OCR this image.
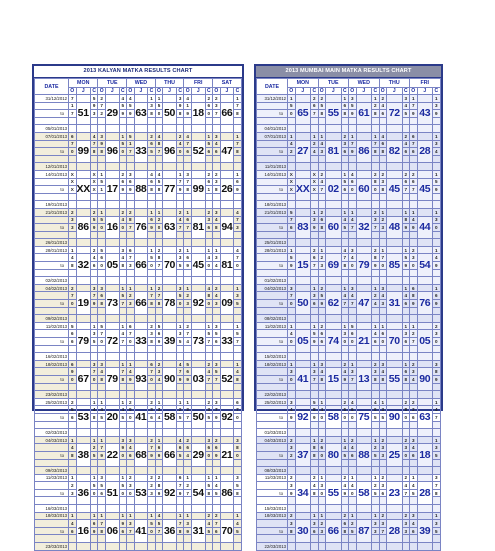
2013 KALYAN MATKA RESULTS CHART
DATE	MON			TUE			WED			THU			FRI			SAT		
	O	J	C	O	J	C	O	J	C	O	J	C	O	J	C	O	J	C
31/12/2012	7		5	2		4	4		1	1		3	4		2	2		1
	1	51	9	7	29	5	5	63	3	5	50	9	1	18	6	3	66	7
to	7		3	2		9	9		8	0		8	9		0	7		8

05/01/2013																		
07/01/2013	6		4	3		1	5		2	4		2	4		1	3		1
	7	99	7	9	96	5	1	33	6	8	96	4	7	52	5	4	47	7
to	0		8	8		0	7		5	7		0	6		6	6		8

12/01/2013																		
14/01/2013	X		X	1		2	3		4	4		1	3		2	2		1
	X	XX	X	5	17	6	6	88	6	5	77	7	7	99	6	3	26	6
to	X		X	1		9	9		8	8		9	8		1	8		9

19/01/2013																		
21/01/2013	2		2	1		2	2		1	1		2	1		2	3		4
	3	86	5	5	16	4	8	76	6	2	63	4	6	81	3	4	94	7
to	3		9	0		0	7		9	0		7	7		6	8		3

26/01/2013																		
28/01/2013	1		2	5		3	6		1	2		2	1		1	1		4
	4	32	4	6	05	4	7	66	5	8	70	3	6	45	4	3	81	7
to	8		6	0		8	3		0	7		5	9		0	4		0

02/02/2013																		
04/02/2013	2		3	3		1	1		1	2		3	1		4	2		1
	7	19	7	6	73	5	2	66	7	7	78	5	2	92	8	4	09	3
to	0		9	8		7	3		8	8		0	3		0	3		5

09/02/2013																		
11/02/2013	5		1	5		1	6		2	5		1	2		1	3		1
	6	79	3	7	72	4	7	33	3	6	39	3	7	73	5	5	33	5
to	6		5	0		7	0		8	9		5	4		7	6		7

16/02/2013																		
18/02/2013	6		3	3		1	1		6	2		4	5		2	3		1
	9	67	7	4	79	7	4	93	7	3	90	7	6	03	4	5	52	4
to	0		0	8		8	9		0	4		9	9		7	7		8

23/02/2013																		
25/02/2013	2		1	1		1	2		2	1		1	1		2	3		6
	5	53	4	4	20	4	9	41	3	3	58	2	2	50	3	7	92	7
to	6		8	5		5	0		6	4		5	7		5	9		0

02/03/2013																		
04/03/2013	1		1	1		3	3		2	1		4	2		3	2		3
	4	38	2	7	22	9	4	68	7	6	66	6	6	29	6	6	21	8
to	8		5	9		0	6		9	9		5	4		0	9		0

09/03/2013																		
11/03/2013	1		1	3		1	2		2	2		6	1		1	1		3
	2	36	5	5	51	5	3	53	2	8	92	7	2	54	5	4	86	5
to	3		0	6		0	0		3	9		9	7		8	5		8

16/03/2013																		
18/03/2013	1		1	1		1	1		1	4		1	1		2	2		1
	4	16	6	7	06	9	3	41	5	5	36	7	3	31	4	7	70	4
to	6		9	8		6	7		0	7		8	9		5	6		5

23/03/2013																		
2013 MUMBAI MAIN MATKA RESULTS CHART
DATE	MON			TUE			WED			THU			FRI		
	O	J	C	O	J	C	O	J	C	O	J	C	O	J	C
31/12/2012	1		2	2		1	3		1	2		3	1		1
	5	65	6	5	55	6	5	61	2	4	72	4	7	43	3
to	0		7	8		8	9		8	6		5	9		9

04/01/2013															
07/01/2013	1		1	1		2	1		1	4		2	6		1
	4	27	2	4	81	3	7	86	7	6	82	4	7	28	3
to	2		4	3		6	9		8	8		6	6		4

11/01/2013															
14/01/2013	X		X	2		1	4		2	2		2	2		1
	X	XX	X	4	02	5	6	60	8	3	45	6	6	45	5
to	X		X	7		6	0		0	8		7	7		9

18/01/2013															
21/01/2013	5		1	2		1	1		2	1		1	1		1
	7	83	3	6	60	4	4	32	3	2	48	8	4	44	3
to	6		9	8		5	7		7	3		9	9		0

25/01/2013															
28/01/2013	1		2	1		4	3		2	1		1	2		1
	5	15	6	2	69	7	4	79	8	7	85	5	3	54	4
to	9		7	3		8	0		9	0		9	0		9

01/02/2013															
04/02/2013	3		1	2		1	3		1	3		1	6		1
	7	50	3	5	62	4	4	47	2	4	31	4	8	76	6
to	0		6	9		7	7		4	3		6	9		9

08/02/2013															
11/02/2013	1		1	2		1	5		1	1		1	1		2
	4	05	5	6	74	3	6	21	4	6	70	3	2	05	3
to	0		9	6		0	0		6	0		6	7		0

15/02/2013															
18/02/2013	1		1	3		2	1		2	3		1	2		3
	3	41	3	4	15	4	3	13	3	4	55	6	3	90	8
to	0		7	8		9	7		8	8		8	4		9

22/02/2013															
25/02/2013	3		5	1		2	4		4	1		2	2		1
	4	92	8	4	58	6	6	75	6	3	90	8	3	63	4
to	9		9	0		0	0		5	5		0	6		7

01/03/2013															
04/03/2013	2		1	2		1	2		1	2		2	3		1
	3	37	8	6	80	4	4	88	2	3	25	3	4	18	3
to	2		8	0		5	6		5	3		0	6		5

08/03/2013															
11/03/2013	2		2	1		2	1		1	2		2	1		3
	3	34	4	3	55	4	4	58	2	3	23	4	4	28	7
to	9		8	0		9	0		5	6		7	5		8

15/03/2013															
18/03/2013	2		1	1		2	1		1	2		2	3		1
	3	30	3	2	66	6	2	87	3	3	28	3	4	39	3
to	8		6	3		8	5		3	7		3	6		5

22/03/2013															
